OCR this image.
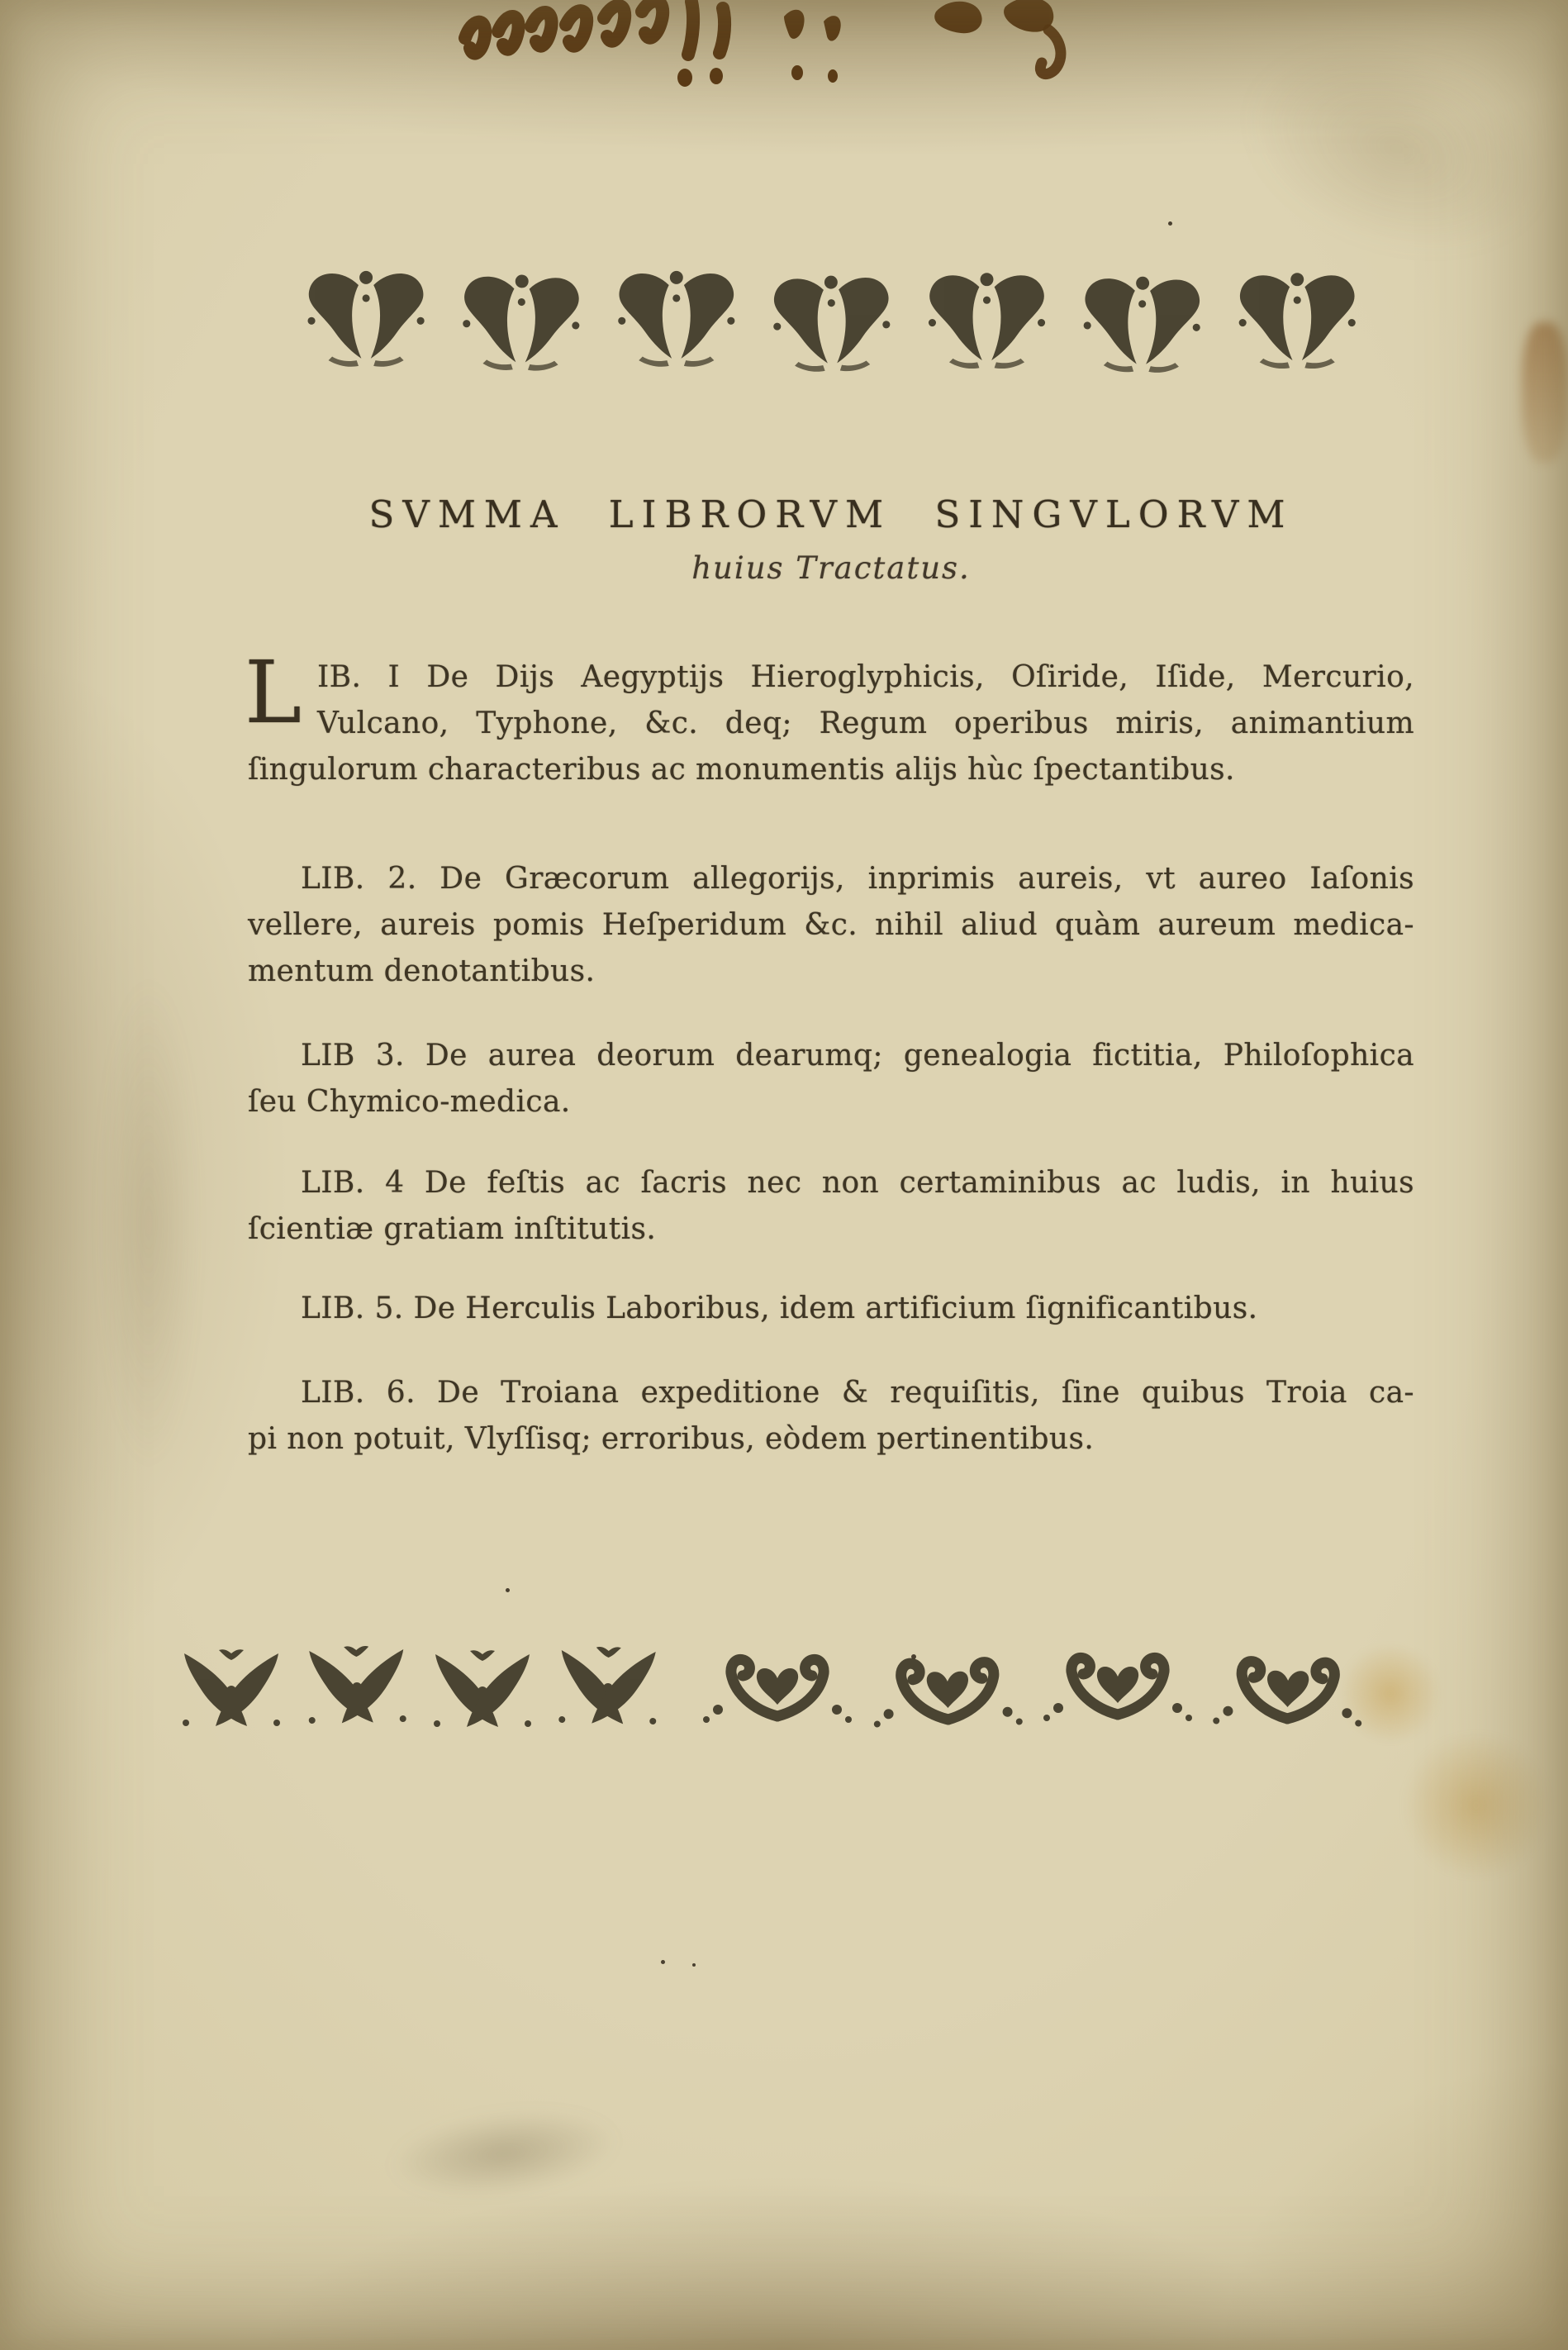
SVMMA LIBRORVM SINGVLORVM
huius Tractatus.
L IB. I De Dijs Aegyptijs Hieroglyphicis, Oſiride, Iſide, Mercurio,
Vulcano, Typhone, &c. deq; Regum operibus miris, animantium
ſingulorum characteribus ac monumentis alijs hùc ſpectantibus.
LIB. 2. De Græcorum allegorijs, inprimis aureis, vt aureo Iaſonis
vellere, aureis pomis Heſperidum &c. nihil aliud quàm aureum medica-
mentum denotantibus.
LIB 3. De aurea deorum dearumq; genealogia fictitia, Philoſophica
ſeu Chymico-medica.
LIB. 4 De feſtis ac ſacris nec non certaminibus ac ludis, in huius
ſcientiæ gratiam inſtitutis.
LIB. 5. De Herculis Laboribus, idem artificium ſignificantibus.
LIB. 6. De Troiana expeditione & requiſitis, ſine quibus Troia ca-
pi non potuit, Vlyſſisq; erroribus, eòdem pertinentibus.
